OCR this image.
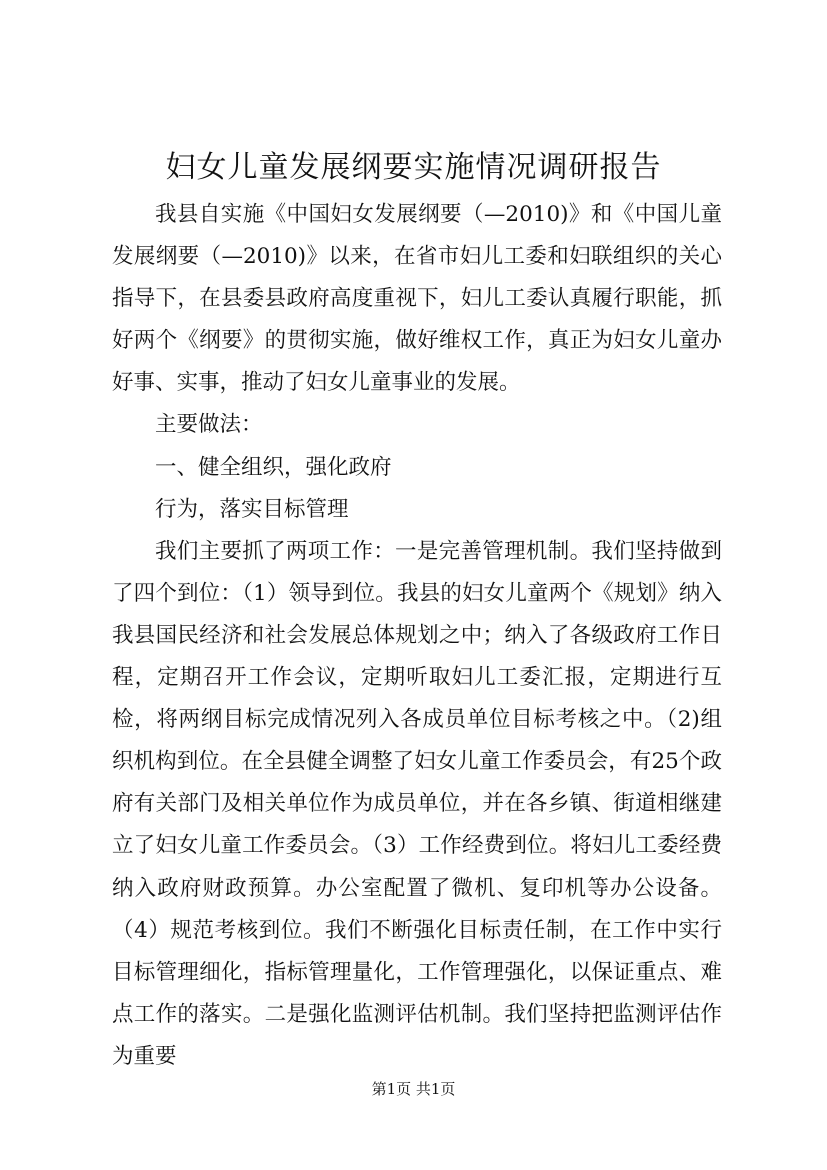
妇女儿童发展纲要实施情况调研报告

我县自实施《中国妇女发展纲要（—2010)》和《中国儿童发展纲要（—2010)》以来，在省市妇儿工委和妇联组织的关心指导下，在县委县政府高度重视下，妇儿工委认真履行职能，抓好两个《纲要》的贯彻实施，做好维权工作，真正为妇女儿童办好事、实事，推动了妇女儿童事业的发展。

主要做法：

一、健全组织，强化政府

行为，落实目标管理

我们主要抓了两项工作：一是完善管理机制。我们坚持做到了四个到位：（1）领导到位。我县的妇女儿童两个《规划》纳入我县国民经济和社会发展总体规划之中；纳入了各级政府工作日程，定期召开工作会议，定期听取妇儿工委汇报，定期进行互检，将两纲目标完成情况列入各成员单位目标考核之中。（2)组织机构到位。在全县健全调整了妇女儿童工作委员会，有25个政府有关部门及相关单位作为成员单位，并在各乡镇、街道相继建立了妇女儿童工作委员会。（3）工作经费到位。将妇儿工委经费纳入政府财政预算。办公室配置了微机、复印机等办公设备。（4）规范考核到位。我们不断强化目标责任制，在工作中实行目标管理细化，指标管理量化，工作管理强化，以保证重点、难点工作的落实。二是强化监测评估机制。我们坚持把监测评估作为重要

第1页 共1页
